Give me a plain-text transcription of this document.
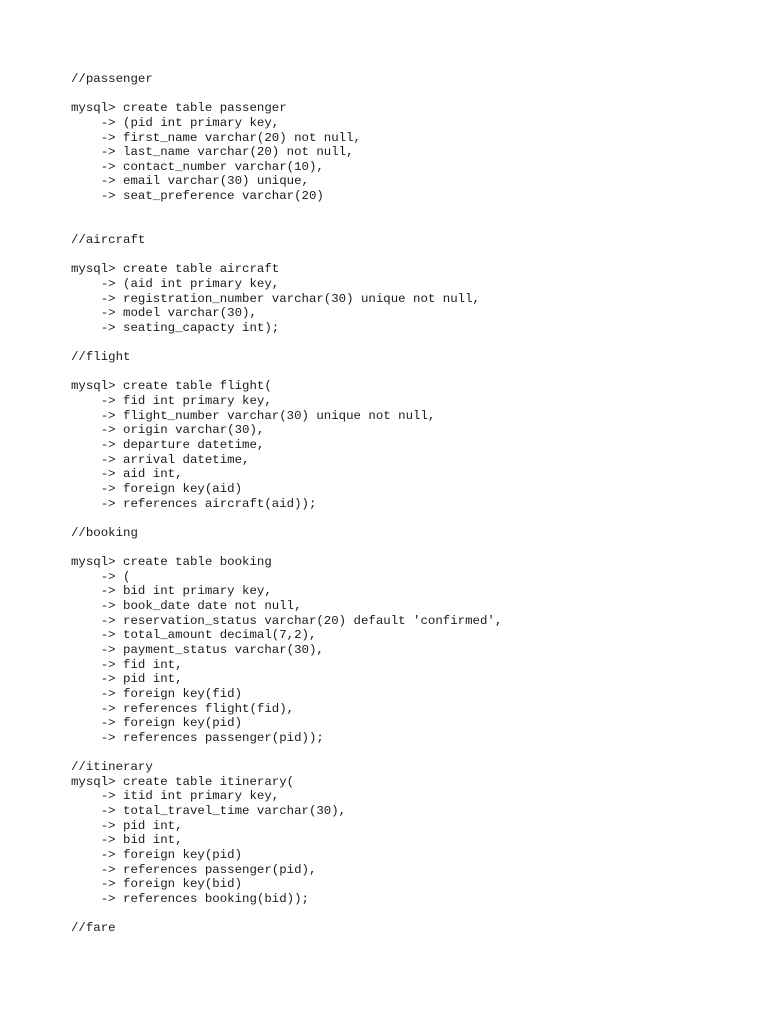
//passenger
mysql> create table passenger
-> (pid int primary key,
-> first_name varchar(20) not null,
-> last_name varchar(20) not null,
-> contact_number varchar(10),
-> email varchar(30) unique,
-> seat_preference varchar(20)
//aircraft
mysql> create table aircraft
-> (aid int primary key,
-> registration_number varchar(30) unique not null,
-> model varchar(30),
-> seating_capacty int);
//flight
mysql> create table flight(
-> fid int primary key,
-> flight_number varchar(30) unique not null,
-> origin varchar(30),
-> departure datetime,
-> arrival datetime,
-> aid int,
-> foreign key(aid)
-> references aircraft(aid));
//booking
mysql> create table booking
-> (
-> bid int primary key,
-> book_date date not null,
-> reservation_status varchar(20) default 'confirmed',
-> total_amount decimal(7,2),
-> payment_status varchar(30),
-> fid int,
-> pid int,
-> foreign key(fid)
-> references flight(fid),
-> foreign key(pid)
-> references passenger(pid));
//itinerary
mysql> create table itinerary(
-> itid int primary key,
-> total_travel_time varchar(30),
-> pid int,
-> bid int,
-> foreign key(pid)
-> references passenger(pid),
-> foreign key(bid)
-> references booking(bid));
//fare
